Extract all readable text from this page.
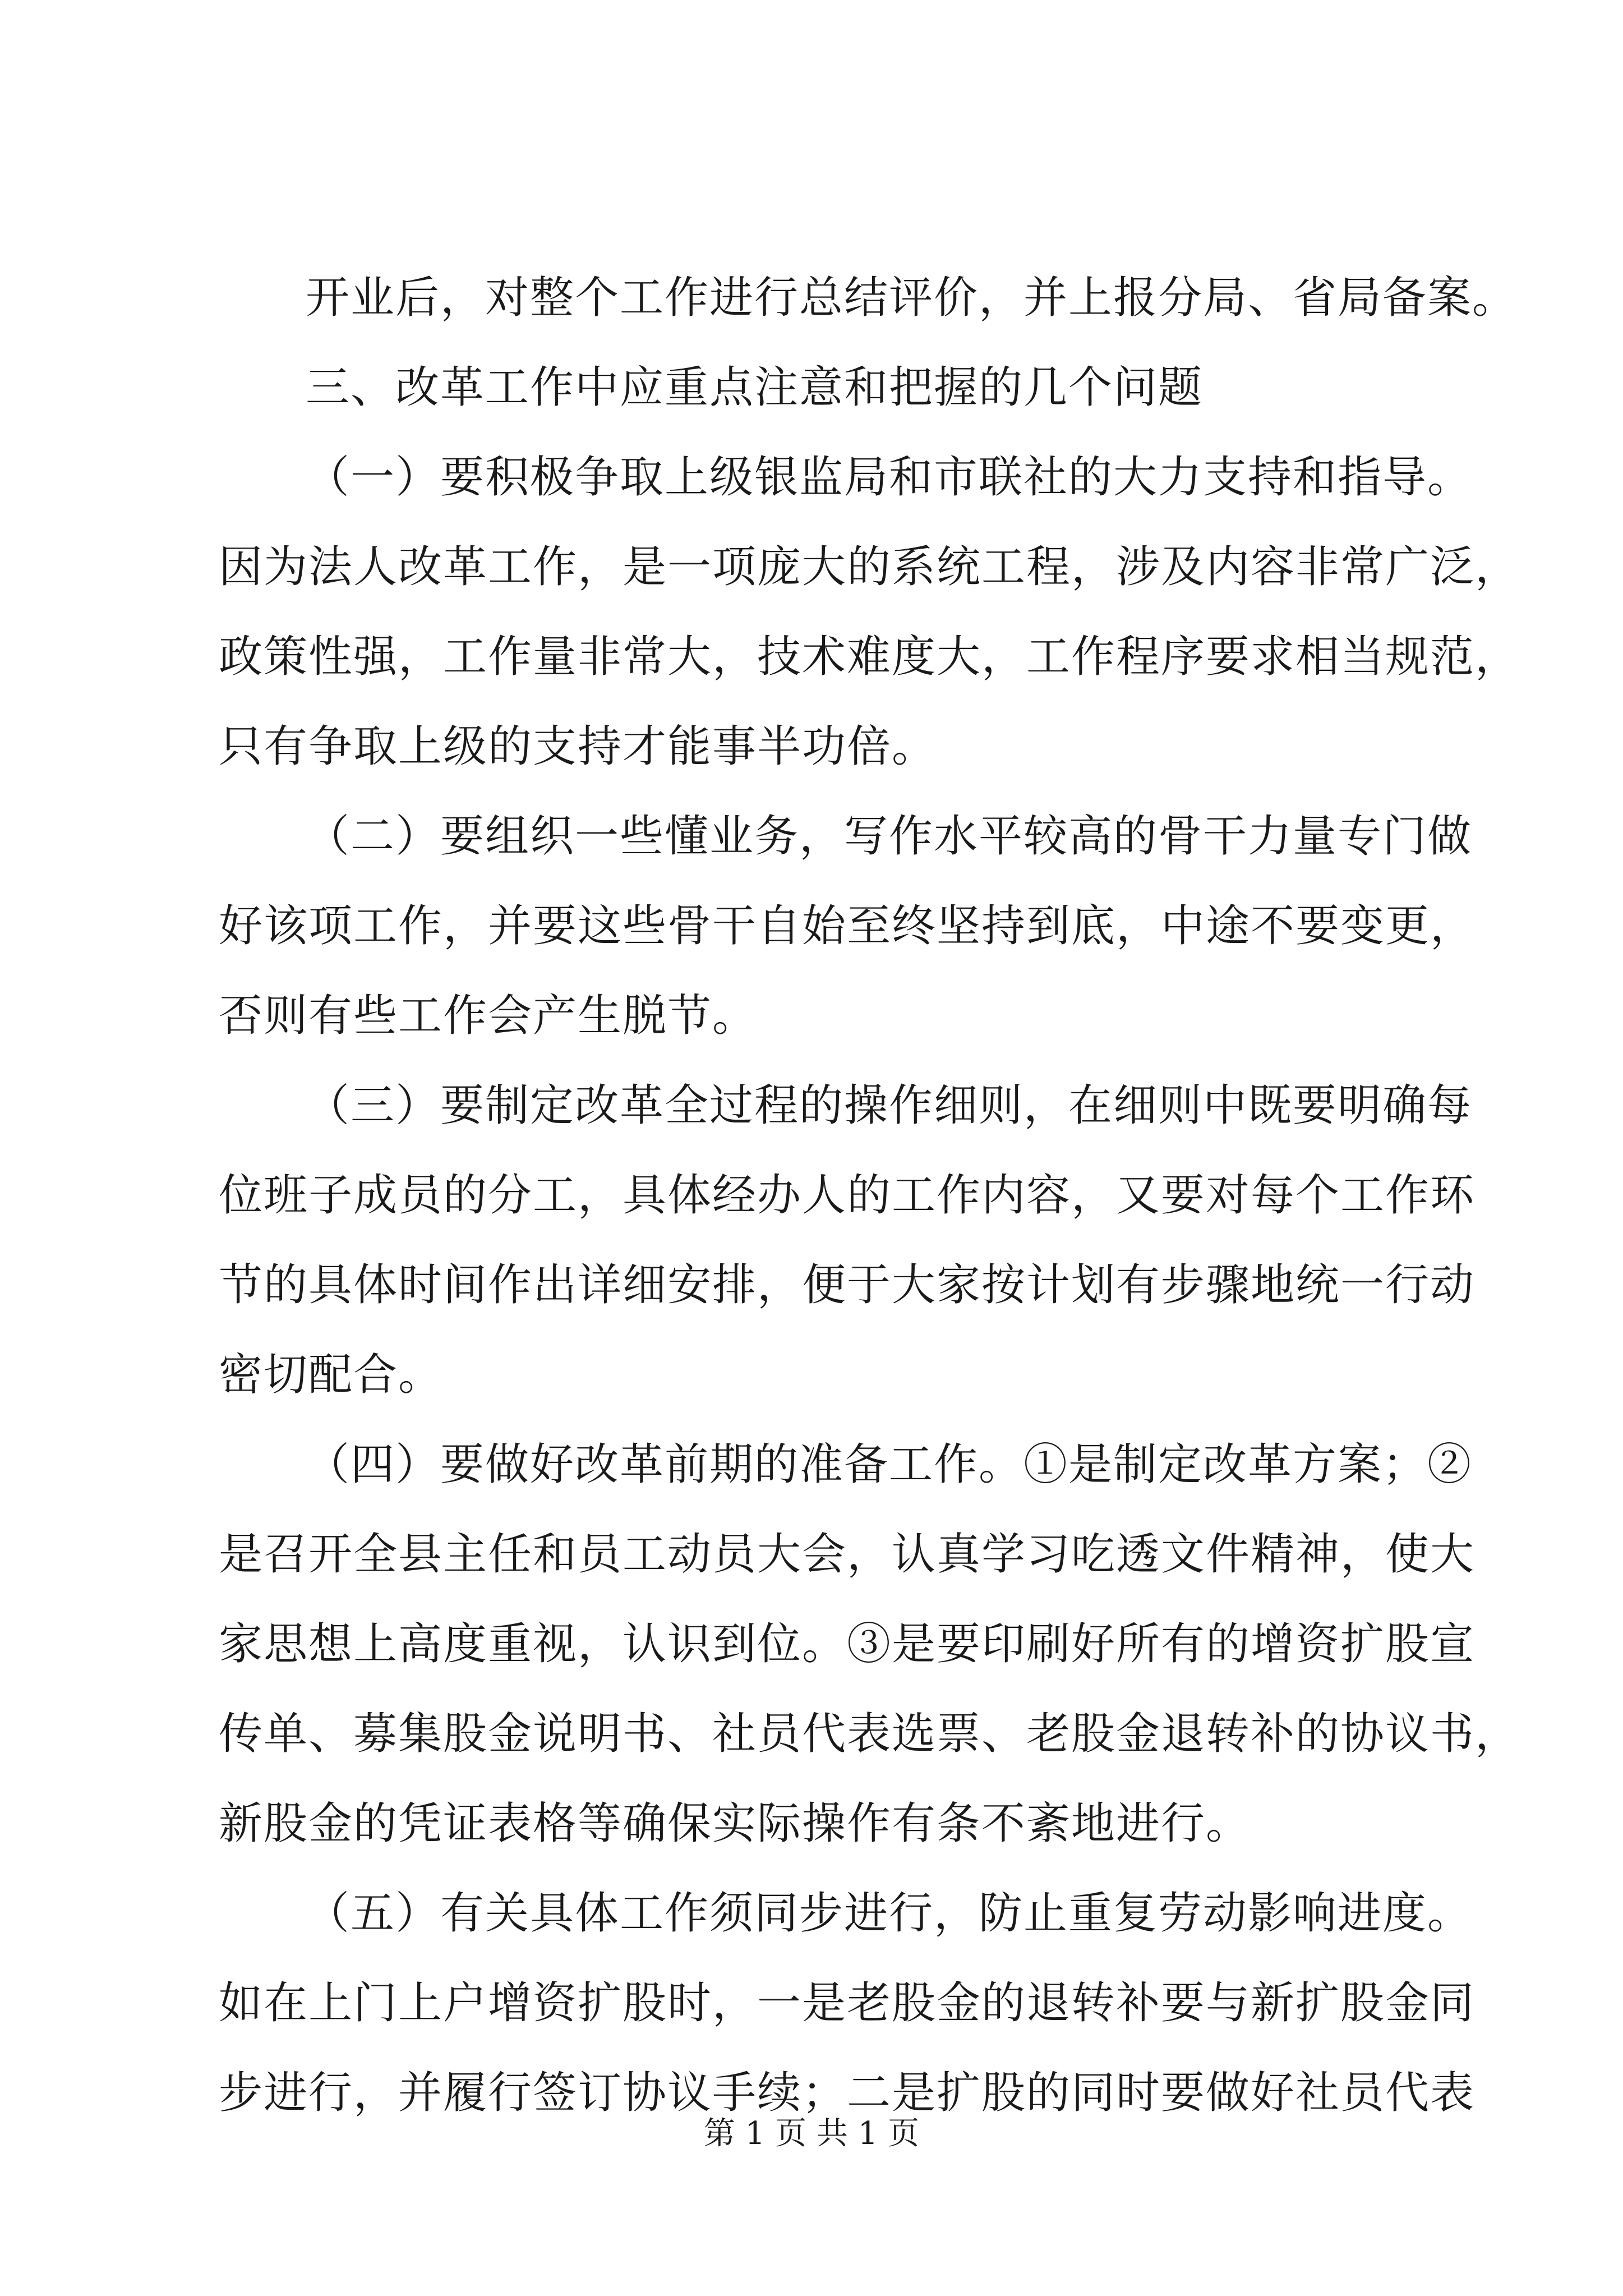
开业后，对整个工作进行总结评价，并上报分局、省局备案。
三、改革工作中应重点注意和把握的几个问题
（一）要积极争取上级银监局和市联社的大力支持和指导。
因为法人改革工作，是一项庞大的系统工程，涉及内容非常广泛，
政策性强，工作量非常大，技术难度大，工作程序要求相当规范，
只有争取上级的支持才能事半功倍。
（二）要组织一些懂业务，写作水平较高的骨干力量专门做
好该项工作，并要这些骨干自始至终坚持到底，中途不要变更，
否则有些工作会产生脱节。
（三）要制定改革全过程的操作细则，在细则中既要明确每
位班子成员的分工，具体经办人的工作内容，又要对每个工作环
节的具体时间作出详细安排，便于大家按计划有步骤地统一行动
密切配合。
（四）要做好改革前期的准备工作。①是制定改革方案；②
是召开全县主任和员工动员大会，认真学习吃透文件精神，使大
家思想上高度重视，认识到位。③是要印刷好所有的增资扩股宣
传单、募集股金说明书、社员代表选票、老股金退转补的协议书，
新股金的凭证表格等确保实际操作有条不紊地进行。
（五）有关具体工作须同步进行，防止重复劳动影响进度。
如在上门上户增资扩股时，一是老股金的退转补要与新扩股金同
步进行，并履行签订协议手续；二是扩股的同时要做好社员代表
第 1 页 共 1 页
